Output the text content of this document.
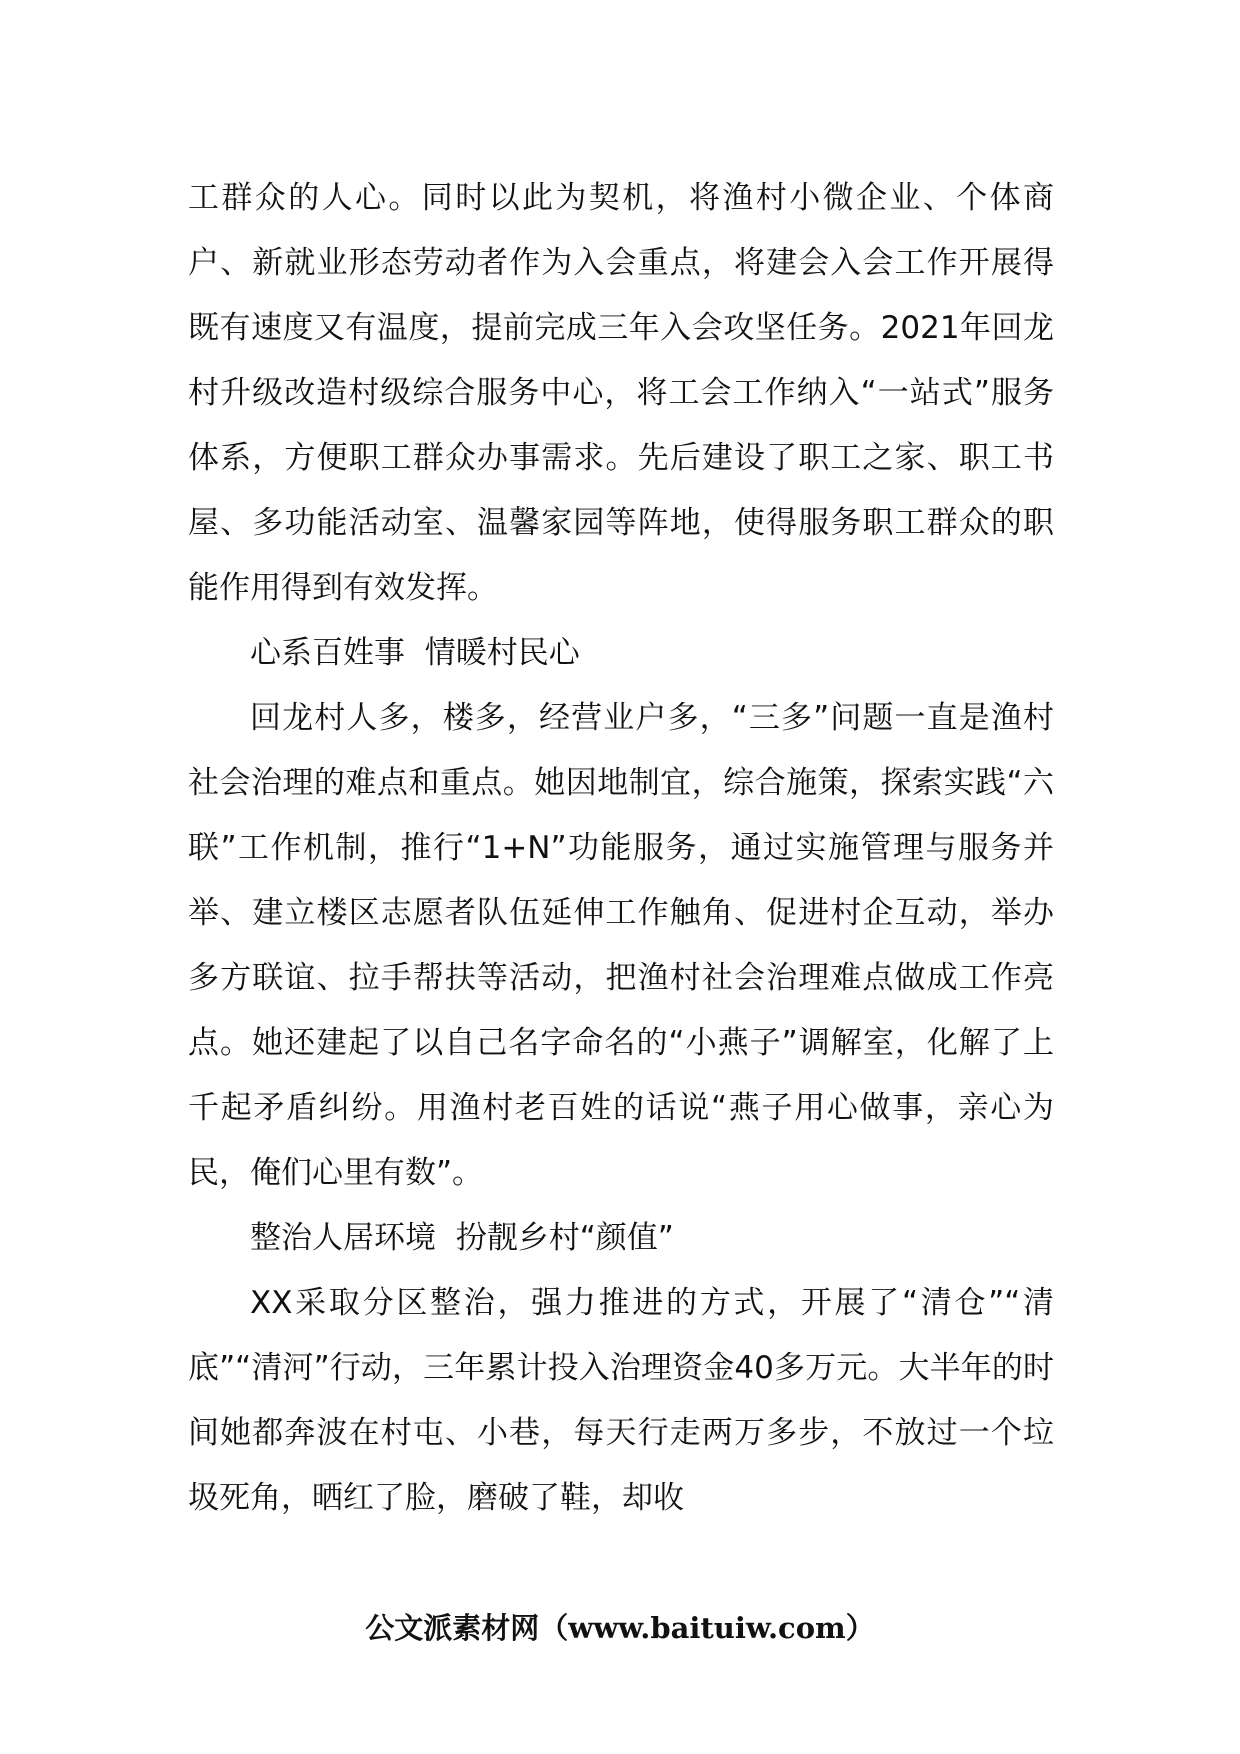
工群众的人心。同时以此为契机，将渔村小微企业、个体商户、新就业形态劳动者作为入会重点，将建会入会工作开展得既有速度又有温度，提前完成三年入会攻坚任务。2021年回龙村升级改造村级综合服务中心，将工会工作纳入“一站式”服务体系，方便职工群众办事需求。先后建设了职工之家、职工书屋、多功能活动室、温馨家园等阵地，使得服务职工群众的职能作用得到有效发挥。

心系百姓事  情暖村民心

回龙村人多，楼多，经营业户多，“三多”问题一直是渔村社会治理的难点和重点。她因地制宜，综合施策，探索实践“六联”工作机制，推行“1+N”功能服务，通过实施管理与服务并举、建立楼区志愿者队伍延伸工作触角、促进村企互动，举办多方联谊、拉手帮扶等活动，把渔村社会治理难点做成工作亮点。她还建起了以自己名字命名的“小燕子”调解室，化解了上千起矛盾纠纷。用渔村老百姓的话说“燕子用心做事，亲心为民，俺们心里有数”。

整治人居环境  扮靓乡村“颜值”

XX采取分区整治，强力推进的方式，开展了“清仓”“清底”“清河”行动，三年累计投入治理资金40多万元。大半年的时间她都奔波在村屯、小巷，每天行走两万多步，不放过一个垃圾死角，晒红了脸，磨破了鞋，却收

公文派素材网（www.baituiw.com）
